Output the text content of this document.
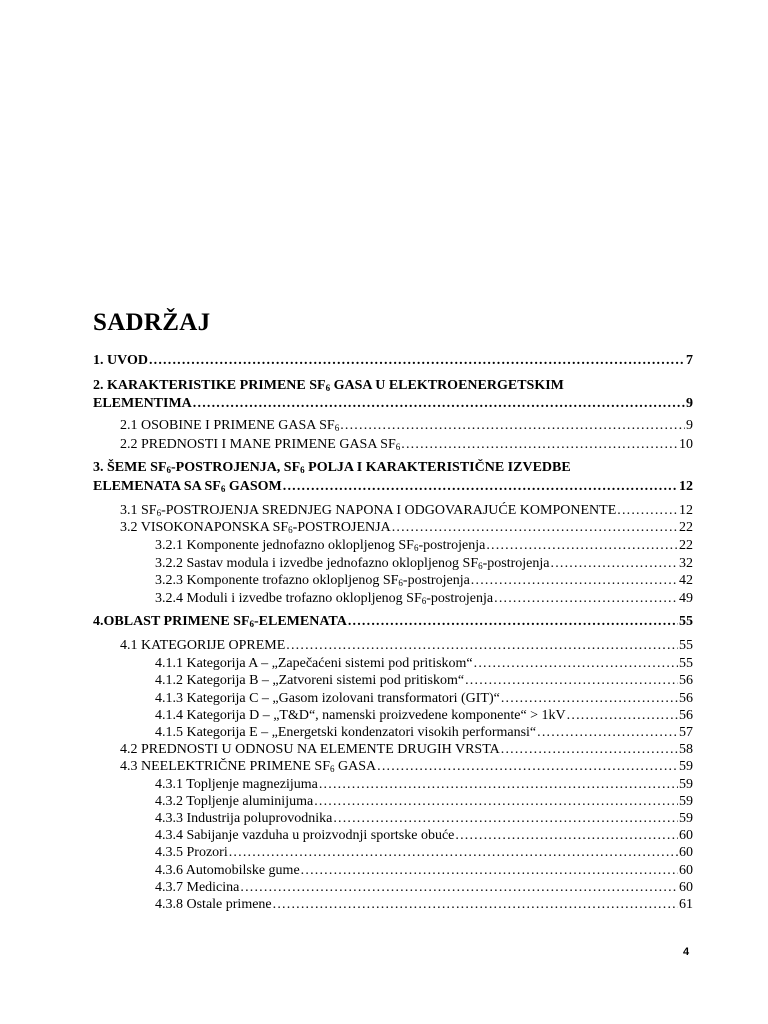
SADRŽAJ
1. UVOD .....	7
2. KARAKTERISTIKE PRIMENE $SF_6$ GASA U ELEKTROENERGETSKIM
ELEMENTIMA .....	9
2.1 OSOBINE I PRIMENE GASA $SF_6$ .....	9
2.2 PREDNOSTI I MANE PRIMENE GASA $SF_6$ .....	10
3. ŠEME $SF_6$-POSTROJENJA, $SF_6$ POLJA I KARAKTERISTIČNE IZVEDBE
ELEMENATA SA $SF_6$ GASOM .....	12
3.1 $SF_6$-POSTROJENJA SREDNJEG NAPONA I ODGOVARAJUĆE KOMPONENTE .....	12
3.2 VISOKONAPONSKA $SF_6$-POSTROJENJA .....	22
3.2.1 Komponente jednofazno oklopljenog $SF_6$-postrojenja .....	22
3.2.2 Sastav modula i izvedbe jednofazno oklopljenog $SF_6$-postrojenja .....	32
3.2.3 Komponente trofazno oklopljenog $SF_6$-postrojenja .....	42
3.2.4 Moduli i izvedbe trofazno oklopljenog $SF_6$-postrojenja .....	49
4.OBLAST PRIMENE $SF_6$-ELEMENATA .....	55
4.1 KATEGORIJE OPREME .....	55
4.1.1 Kategorija A – „Zapečaćeni sistemi pod pritiskom“ .....	55
4.1.2 Kategorija B – „Zatvoreni sistemi pod pritiskom“ .....	56
4.1.3 Kategorija C – „Gasom izolovani transformatori (GIT)“ .....	56
4.1.4 Kategorija D – „T&D“, namenski proizvedene komponente“ > 1kV .....	56
4.1.5 Kategorija E – „Energetski kondenzatori visokih performansi“ .....	57
4.2 PREDNOSTI U ODNOSU NA ELEMENTE DRUGIH VRSTA .....	58
4.3 NEELEKTRIČNE PRIMENE $SF_6$ GASA .....	59
4.3.1 Topljenje magnezijuma .....	59
4.3.2 Topljenje aluminijuma .....	59
4.3.3 Industrija poluprovodnika .....	59
4.3.4 Sabijanje vazduha u proizvodnji sportske obuće .....	60
4.3.5 Prozori .....	60
4.3.6 Automobilske gume .....	60
4.3.7 Medicina .....	60
4.3.8 Ostale primene .....	61
4
